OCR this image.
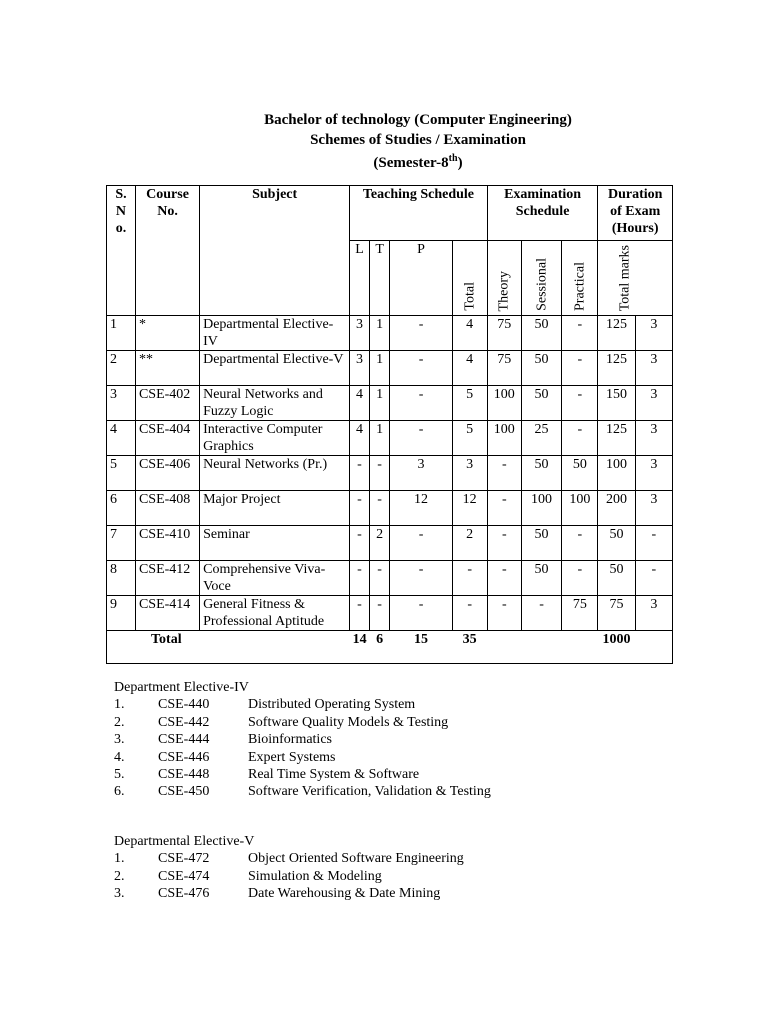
Bachelor of technology (Computer Engineering)
Schemes of Studies / Examination
(Semester-8th)
S. N o.	Course No.	Subject	Teaching Schedule				Examination Schedule			Duration of Exam (Hours)	
			L	T	P	Total	Theory	Sessional	Practical	Total marks	

1	*	Departmental Elective-IV	3	1	-	4	75	50	-	125	3
2	**	Departmental Elective-V	3	1	-	4	75	50	-	125	3
3	CSE-402	Neural Networks and Fuzzy Logic	4	1	-	5	100	50	-	150	3
4	CSE-404	Interactive Computer Graphics	4	1	-	5	100	25	-	125	3
5	CSE-406	Neural Networks (Pr.)	-	-	3	3	-	50	50	100	3
6	CSE-408	Major Project	-	-	12	12	-	100	100	200	3
7	CSE-410	Seminar	-	2	-	2	-	50	-	50	-
8	CSE-412	Comprehensive Viva-Voce	-	-	-	-	-	50	-	50	-
9	CSE-414	General Fitness & Professional Aptitude	-	-	-	-	-	-	75	75	3
Total			14	6	15	35				1000	
Department Elective-IV
1. CSE-440	Distributed Operating System
2. CSE-442	Software Quality Models & Testing
3. CSE-444	Bioinformatics
4. CSE-446	Expert Systems
5. CSE-448	Real Time System & Software
6. CSE-450	Software Verification, Validation & Testing
Departmental Elective-V
1. CSE-472	Object Oriented Software Engineering
2. CSE-474	Simulation & Modeling
3. CSE-476	Date Warehousing & Date Mining
